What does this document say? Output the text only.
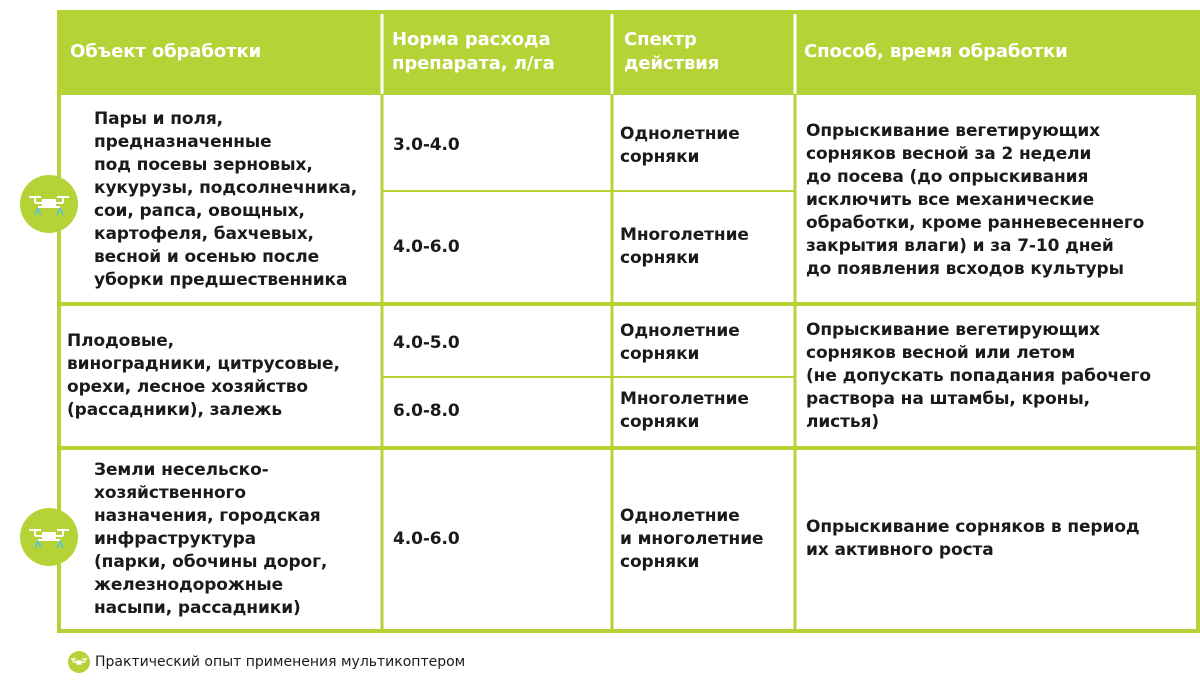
Объект обработки
Норма расхода
препарата, л/га
Спектр
действия
Способ, время обработки
Пары и поля,
предназначенные
под посевы зерновых,
кукурузы, подсолнечника,
сои, рапса, овощных,
картофеля, бахчевых,
весной и осенью после
уборки предшественника
3.0-4.0
Однолетние
сорняки
4.0-6.0
Многолетние
сорняки
Опрыскивание вегетирующих
сорняков весной за 2 недели
до посева (до опрыскивания
исключить все механические
обработки, кроме ранневесеннего
закрытия влаги) и за 7-10 дней
до появления всходов культуры
Плодовые,
виноградники, цитрусовые,
орехи, лесное хозяйство
(рассадники), залежь
4.0-5.0
Однолетние
сорняки
6.0-8.0
Многолетние
сорняки
Опрыскивание вегетирующих
сорняков весной или летом
(не допускать попадания рабочего
раствора на штамбы, кроны,
листья)
Земли несельско-
хозяйственного
назначения, городская
инфраструктура
(парки, обочины дорог,
железнодорожные
насыпи, рассадники)
4.0-6.0
Однолетние
и многолетние
сорняки
Опрыскивание сорняков в период
их активного роста
Практический опыт применения мультикоптером
